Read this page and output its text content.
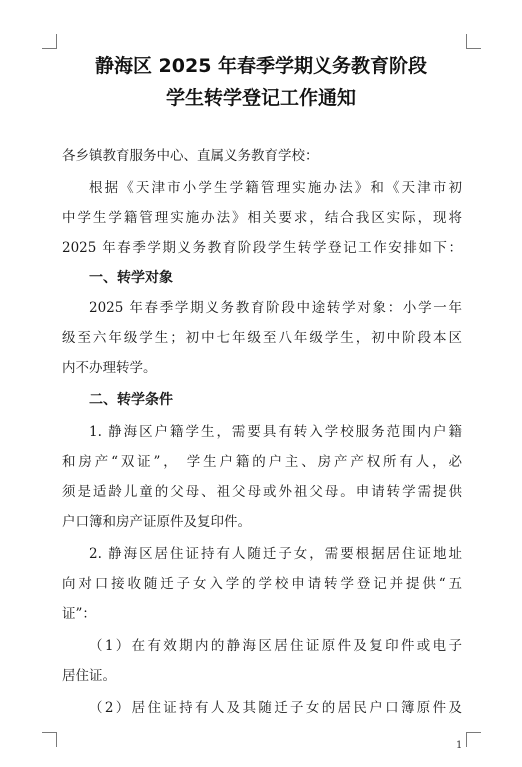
静海区 2025 年春季学期义务教育阶段
学生转学登记工作通知
各乡镇教育服务中心、直属义务教育学校：
根据《天津市小学生学籍管理实施办法》和《天津市初
中学生学籍管理实施办法》相关要求，结合我区实际，现将
2025 年春季学期义务教育阶段学生转学登记工作安排如下：
一、转学对象
2025 年春季学期义务教育阶段中途转学对象：小学一年
级至六年级学生；初中七年级至八年级学生，初中阶段本区
内不办理转学。
二、转学条件
1. 静海区户籍学生，需要具有转入学校服务范围内户籍
和房产“双证”， 学生户籍的户主、房产产权所有人，必
须是适龄儿童的父母、祖父母或外祖父母。申请转学需提供
户口簿和房产证原件及复印件。
2. 静海区居住证持有人随迁子女，需要根据居住证地址
向对口接收随迁子女入学的学校申请转学登记并提供“五
证”：
（1）在有效期内的静海区居住证原件及复印件或电子
居住证。
（2）居住证持有人及其随迁子女的居民户口簿原件及
1
